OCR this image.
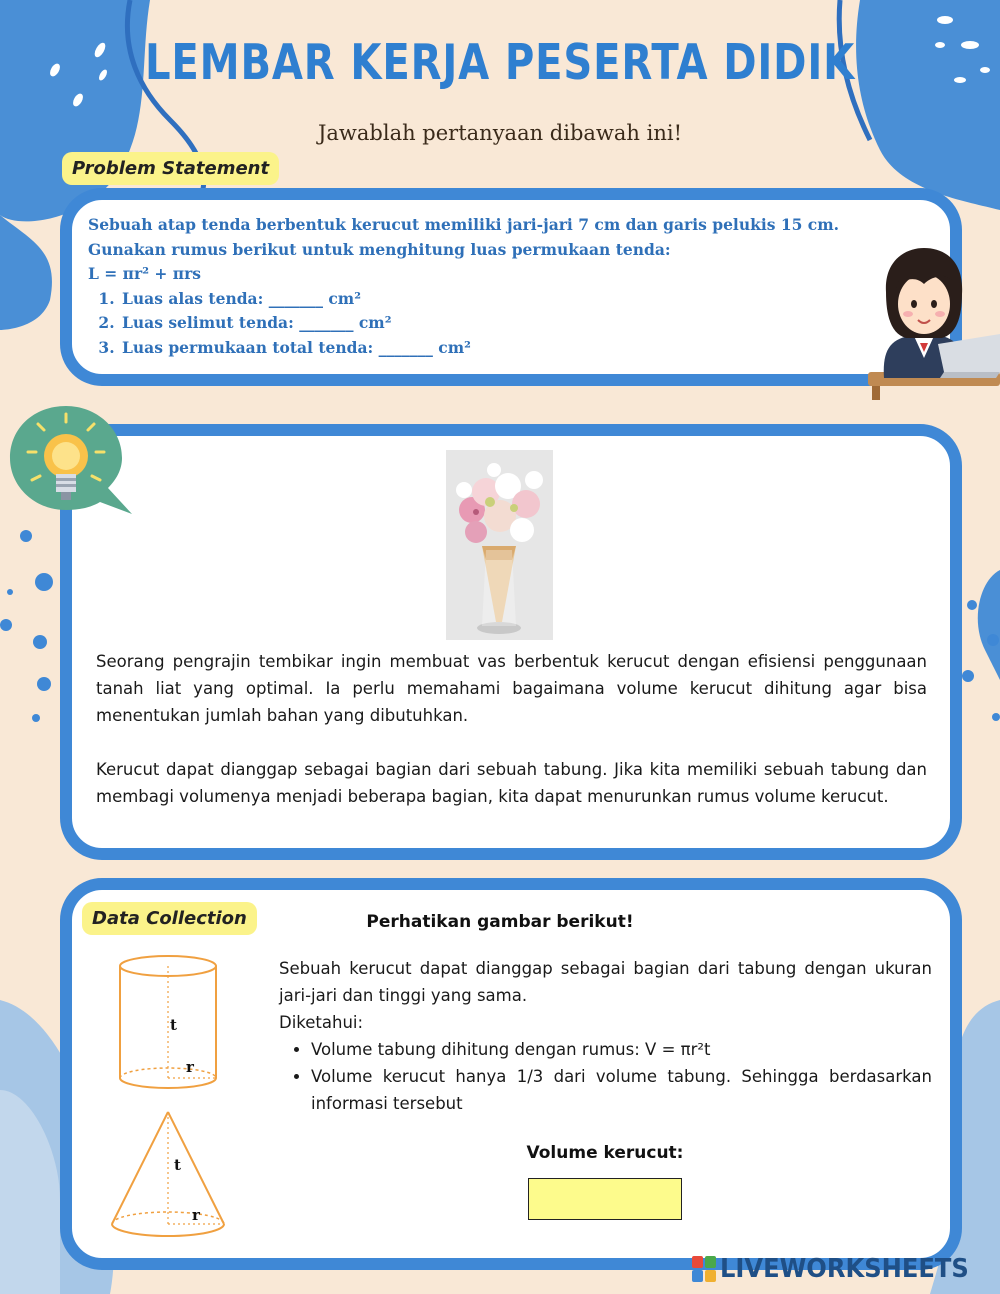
LEMBAR KERJA PESERTA DIDIK
Jawablah pertanyaan dibawah ini!
Problem Statement
Sebuah atap tenda berbentuk kerucut memiliki jari-jari 7 cm dan garis pelukis 15 cm.
Gunakan rumus berikut untuk menghitung luas permukaan tenda:
L = πr² + πrs
1. Luas alas tenda: _______ cm²
2. Luas selimut tenda: _______ cm²
3. Luas permukaan total tenda: _______ cm²
Seorang pengrajin tembikar ingin membuat vas berbentuk kerucut dengan efisiensi penggunaan tanah liat yang optimal. Ia perlu memahami bagaimana volume kerucut dihitung agar bisa menentukan jumlah bahan yang dibutuhkan.
Kerucut dapat dianggap sebagai bagian dari sebuah tabung. Jika kita memiliki sebuah tabung dan membagi volumenya menjadi beberapa bagian, kita dapat menurunkan rumus volume kerucut.
Data Collection	Perhatikan gambar berikut!
Sebuah kerucut dapat dianggap sebagai bagian dari tabung dengan ukuran jari-jari dan tinggi yang sama.
Diketahui:
• Volume tabung dihitung dengan rumus: V = πr²t
• Volume kerucut hanya 1/3 dari volume tabung. Sehingga berdasarkan informasi tersebut
Volume kerucut:
t
r
t
r
LIVEWORKSHEETS
